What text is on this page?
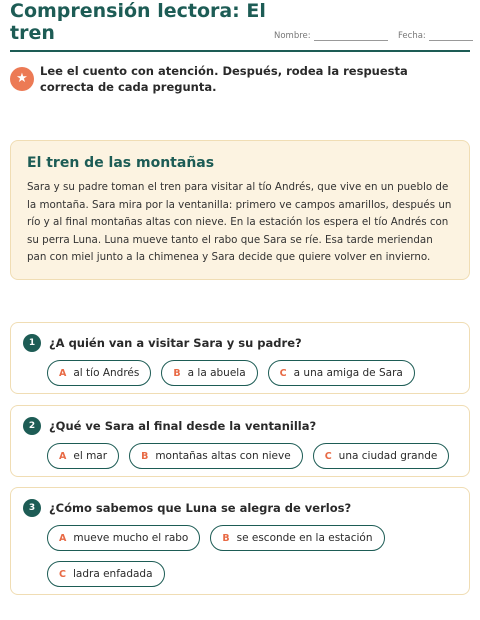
Comprensión lectora: El tren	Nombre:	Fecha:
★	Lee el cuento con atención. Después, rodea la respuesta correcta de cada pregunta.
El tren de las montañas
Sara y su padre toman el tren para visitar al tío Andrés, que vive en un pueblo de la montaña. Sara mira por la ventanilla: primero ve campos amarillos, después un río y al final montañas altas con nieve. En la estación los espera el tío Andrés con su perra Luna. Luna mueve tanto el rabo que Sara se ríe. Esa tarde meriendan pan con miel junto a la chimenea y Sara decide que quiere volver en invierno.
1	¿A quién van a visitar Sara y su padre?
A al tío Andrés	B a la abuela	C a una amiga de Sara
2	¿Qué ve Sara al final desde la ventanilla?
A el mar	B montañas altas con nieve	C una ciudad grande
3	¿Cómo sabemos que Luna se alegra de verlos?
A mueve mucho el rabo	B se esconde en la estación
C ladra enfadada
